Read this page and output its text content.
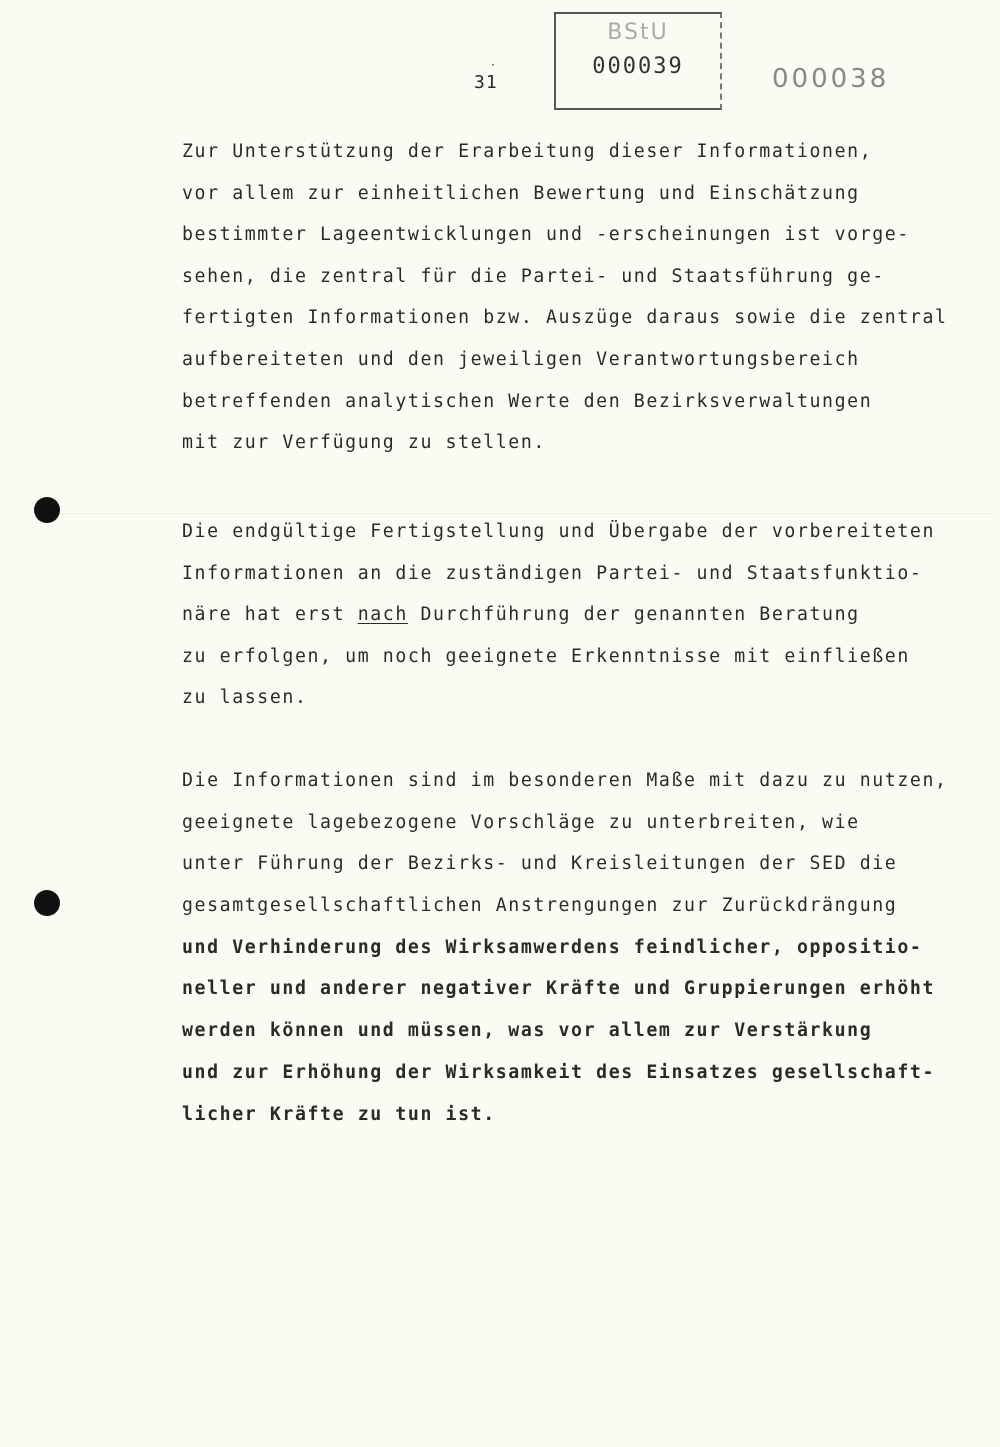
·
31
BStU
000039	000038
Zur Unterstützung der Erarbeitung dieser Informationen,
vor allem zur einheitlichen Bewertung und Einschätzung
bestimmter Lageentwicklungen und -erscheinungen ist vorge-
sehen, die zentral für die Partei- und Staatsführung ge-
fertigten Informationen bzw. Auszüge daraus sowie die zentral
aufbereiteten und den jeweiligen Verantwortungsbereich
betreffenden analytischen Werte den Bezirksverwaltungen
mit zur Verfügung zu stellen.
Die endgültige Fertigstellung und Übergabe der vorbereiteten
Informationen an die zuständigen Partei- und Staatsfunktio-
näre hat erst nach Durchführung der genannten Beratung
zu erfolgen, um noch geeignete Erkenntnisse mit einfließen
zu lassen.
Die Informationen sind im besonderen Maße mit dazu zu nutzen,
geeignete lagebezogene Vorschläge zu unterbreiten, wie
unter Führung der Bezirks- und Kreisleitungen der SED die
gesamtgesellschaftlichen Anstrengungen zur Zurückdrängung
und Verhinderung des Wirksamwerdens feindlicher, oppositio-
neller und anderer negativer Kräfte und Gruppierungen erhöht
werden können und müssen, was vor allem zur Verstärkung
und zur Erhöhung der Wirksamkeit des Einsatzes gesellschaft-
licher Kräfte zu tun ist.
